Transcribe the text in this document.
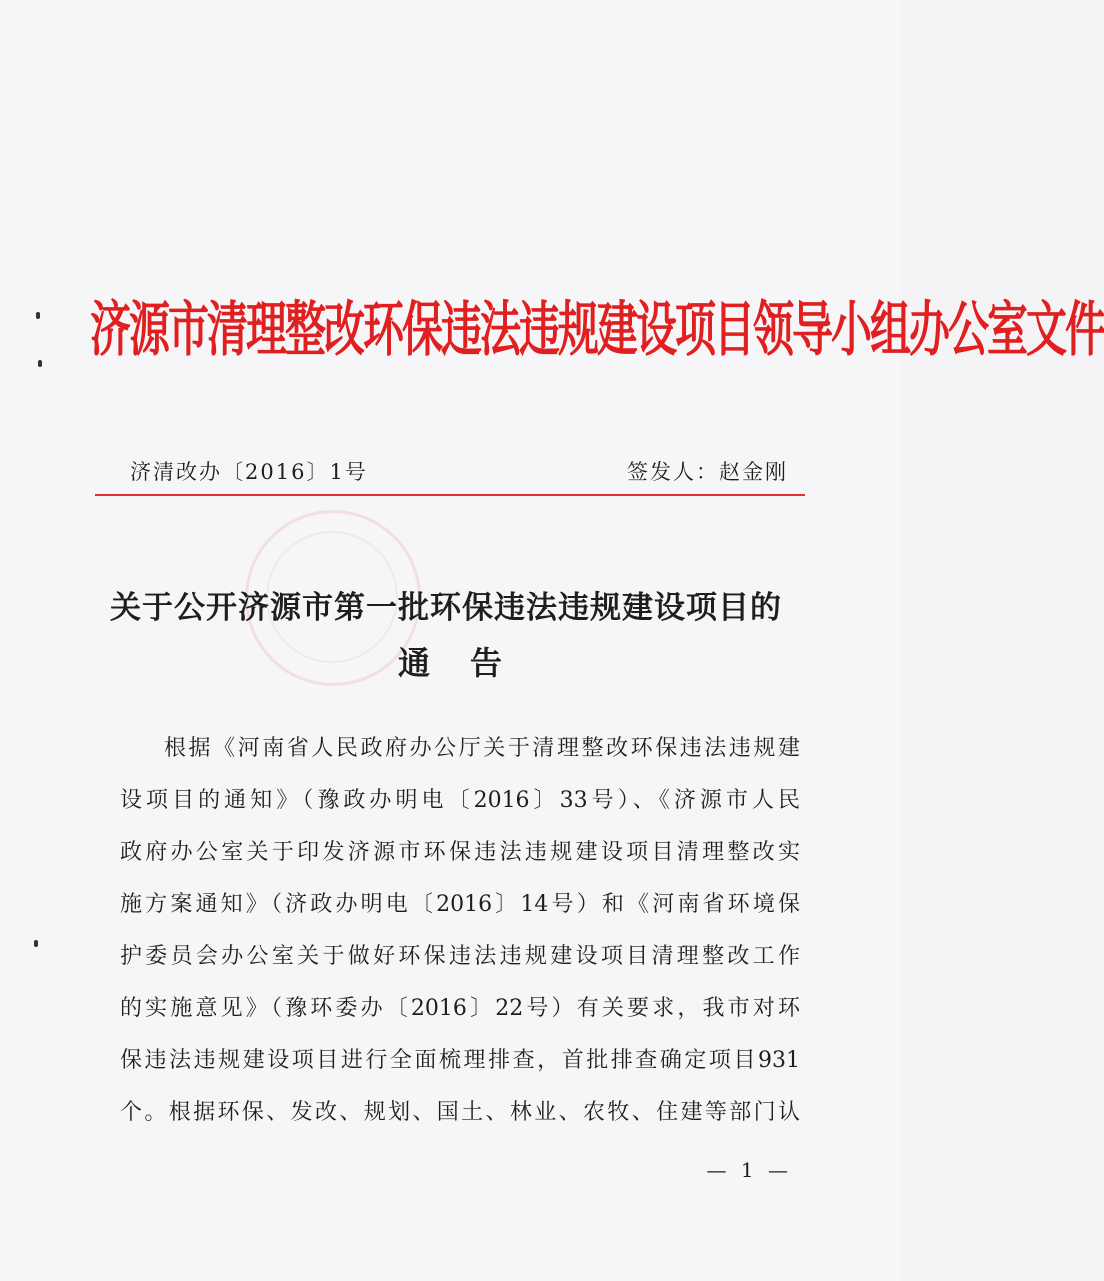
济源市清理整改环保违法违规建设项目领导小组办公室文件
济清改办〔2016〕1号	签发人：赵金刚
关于公开济源市第一批环保违法违规建设项目的
通 告
根据《河南省人民政府办公厅关于清理整改环保违法违规建
设项目的通知》（豫政办明电〔2016〕33号）、《济源市人民
政府办公室关于印发济源市环保违法违规建设项目清理整改实
施方案通知》（济政办明电〔2016〕14号）和《河南省环境保
护委员会办公室关于做好环保违法违规建设项目清理整改工作
的实施意见》（豫环委办〔2016〕22号）有关要求，我市对环
保违法违规建设项目进行全面梳理排查，首批排查确定项目931
个。根据环保、发改、规划、国土、林业、农牧、住建等部门认
— 1 —
